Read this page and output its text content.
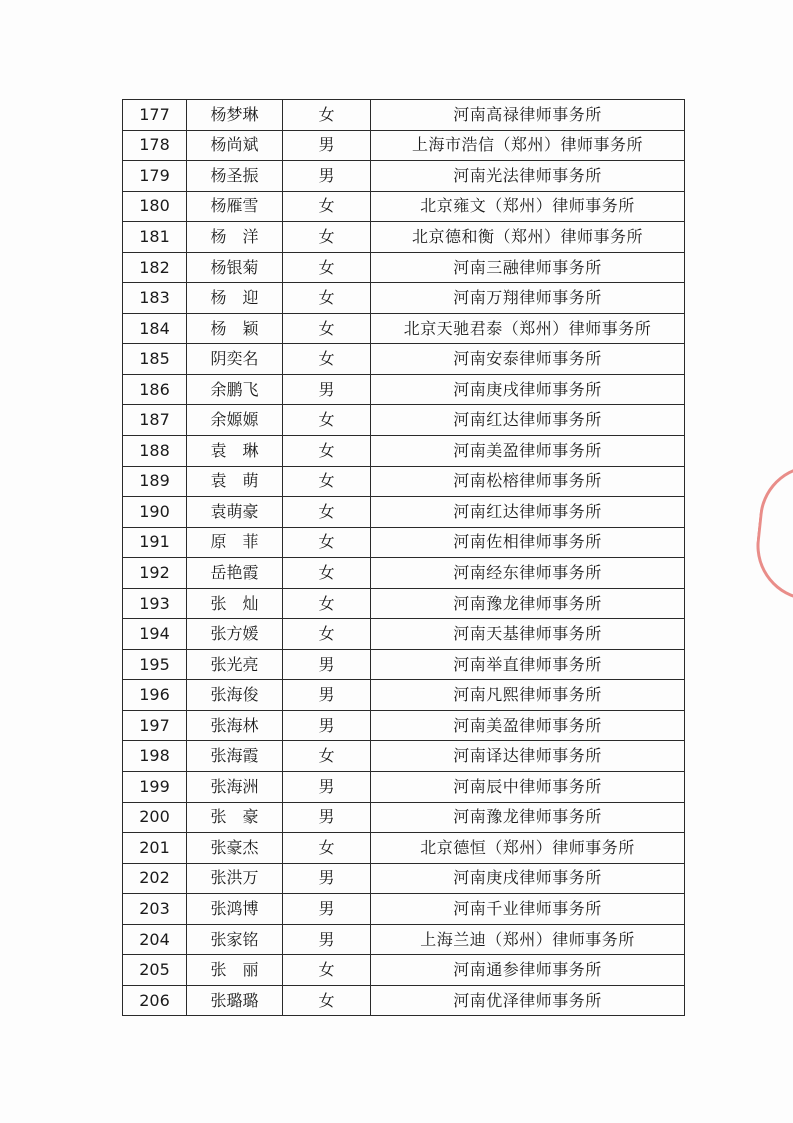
177	杨梦琳	女	河南高禄律师事务所
178	杨尚斌	男	上海市浩信（郑州）律师事务所
179	杨圣振	男	河南光法律师事务所
180	杨雁雪	女	北京雍文（郑州）律师事务所
181	杨　洋	女	北京德和衡（郑州）律师事务所
182	杨银菊	女	河南三融律师事务所
183	杨　迎	女	河南万翔律师事务所
184	杨　颖	女	北京天驰君泰（郑州）律师事务所
185	阴奕名	女	河南安泰律师事务所
186	余鹏飞	男	河南庚戌律师事务所
187	余嫄嫄	女	河南红达律师事务所
188	袁　琳	女	河南美盈律师事务所
189	袁　萌	女	河南松榕律师事务所
190	袁萌豪	女	河南红达律师事务所
191	原　菲	女	河南佐相律师事务所
192	岳艳霞	女	河南经东律师事务所
193	张　灿	女	河南豫龙律师事务所
194	张方媛	女	河南天基律师事务所
195	张光亮	男	河南举直律师事务所
196	张海俊	男	河南凡熙律师事务所
197	张海林	男	河南美盈律师事务所
198	张海霞	女	河南译达律师事务所
199	张海洲	男	河南辰中律师事务所
200	张　豪	男	河南豫龙律师事务所
201	张豪杰	女	北京德恒（郑州）律师事务所
202	张洪万	男	河南庚戌律师事务所
203	张鸿博	男	河南千业律师事务所
204	张家铭	男	上海兰迪（郑州）律师事务所
205	张　丽	女	河南通参律师事务所
206	张璐璐	女	河南优泽律师事务所
